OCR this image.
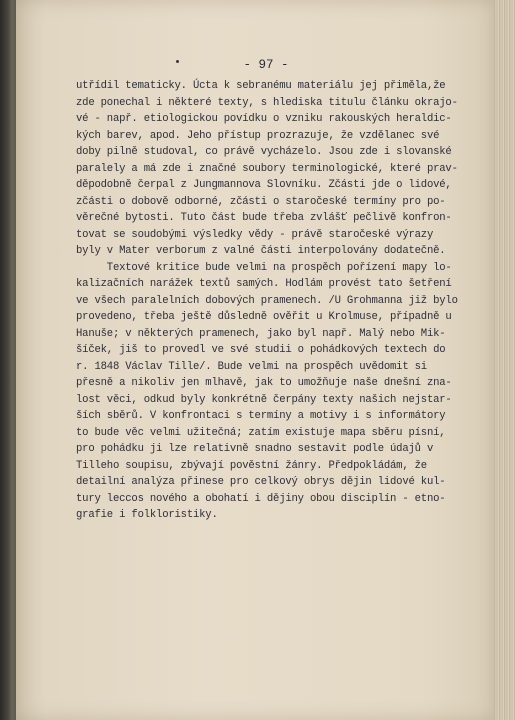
- 97 -
utřídil tematicky. Úcta k sebranému materiálu jej přiměla,že
zde ponechal i některé texty, s hlediska titulu článku okrajo-
vé - např. etiologickou povídku o vzniku rakouských heraldic-
kých barev, apod. Jeho přístup prozrazuje, že vzdělanec své
doby pilně studoval, co právě vycházelo. Jsou zde i slovanské
paralely a má zde i značné soubory terminologické, které prav-
děpodobně čerpal z Jungmannova Slovníku. Zčásti jde o lidové,
zčásti o dobově odborné, zčásti o staročeské termíny pro po-
věrečné bytosti. Tuto část bude třeba zvlášť pečlivě konfron-
tovat se soudobými výsledky vědy - právě staročeské výrazy
byly v Mater verborum z valné části interpolovány dodatečně.
Textové kritice bude velmi na prospěch pořízení mapy lo-
kalizačních narážek textů samých. Hodlám provést tato šetření
ve všech paralelních dobových pramenech. /U Grohmanna již bylo
provedeno, třeba ještě důsledně ověřit u Krolmuse, případně u
Hanuše; v některých pramenech, jako byl např. Malý nebo Mik-
šíček, jiš to provedl ve své studii o pohádkových textech do
r. 1848 Václav Tille/. Bude velmi na prospěch uvědomit si
přesně a nikoliv jen mlhavě, jak to umožňuje naše dnešní zna-
lost věci, odkud byly konkrétně čerpány texty našich nejstar-
ších sběrů. V konfrontaci s termíny a motivy i s informátory
to bude věc velmi užitečná; zatím existuje mapa sběru písní,
pro pohádku ji lze relativně snadno sestavit podle údajů v
Tilleho soupisu, zbývají pověstní žánry. Předpokládám, že
detailní analýza přinese pro celkový obrys dějin lidové kul-
tury leccos nového a obohatí i dějiny obou disciplín - etno-
grafie i folkloristiky.
